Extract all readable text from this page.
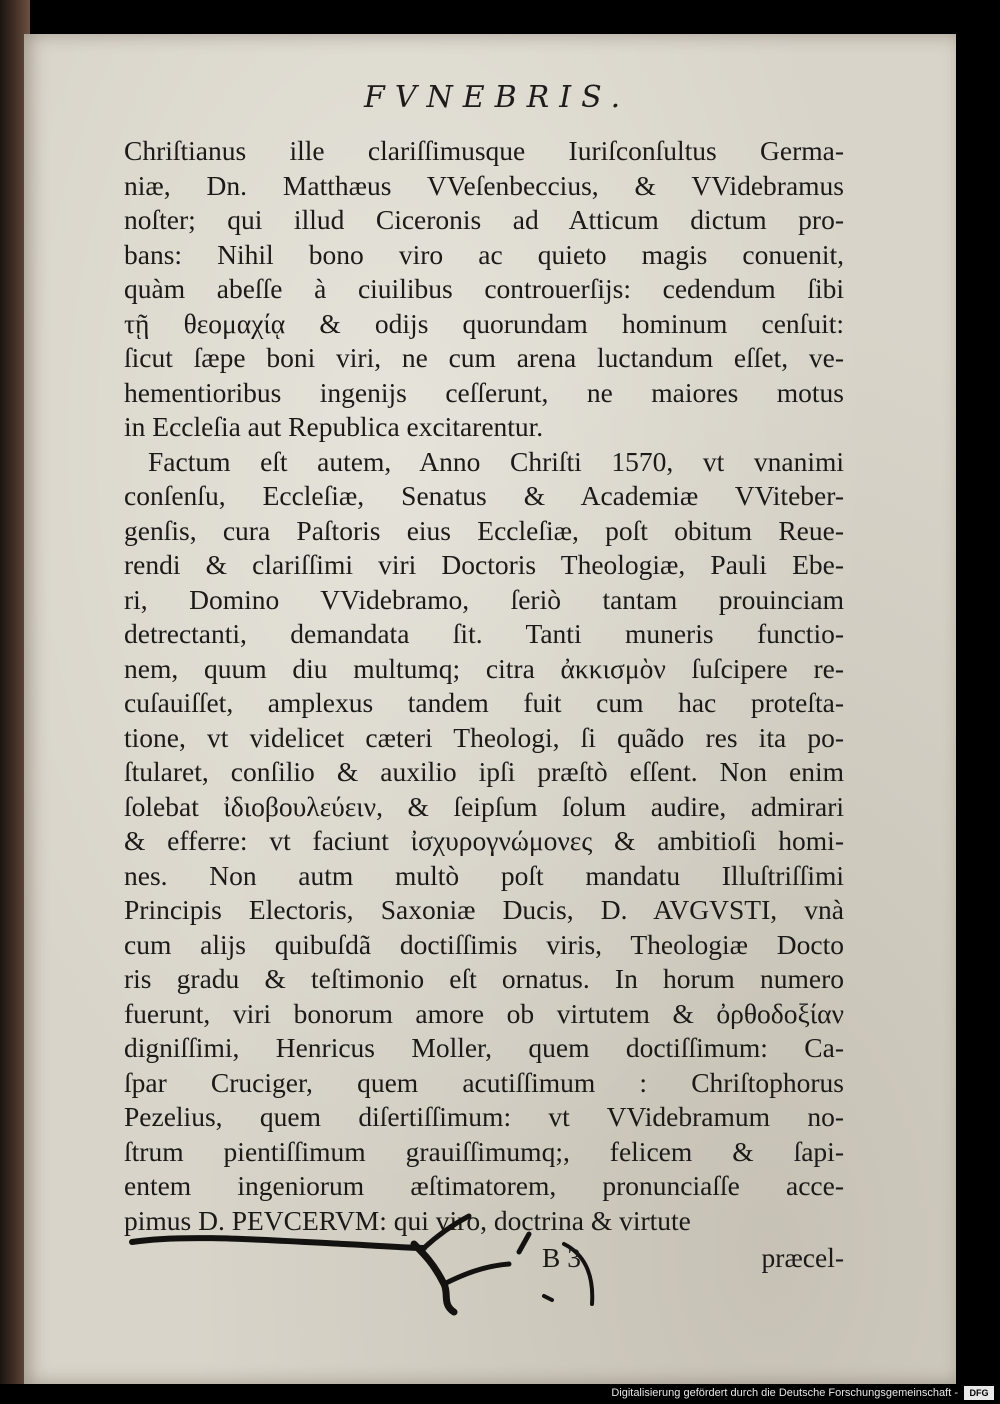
FVNEBRIS.
Chriſtianus ille clariſſimusque Iuriſconſultus Germa-
niæ, Dn. Matthæus VVeſenbeccius, & VVidebramus
noſter; qui illud Ciceronis ad Atticum dictum pro-
bans: Nihil bono viro ac quieto magis conuenit,
quàm abeſſe à ciuilibus controuerſijs: cedendum ſibi
τῇ θεομαχίᾳ & odijs quorundam hominum cenſuit:
ſicut ſæpe boni viri, ne cum arena luctandum eſſet, ve-
hementioribus ingenijs ceſſerunt, ne maiores motus
in Eccleſia aut Republica excitarentur.
Factum eſt autem, Anno Chriſti 1570, vt vnanimi
conſenſu, Eccleſiæ, Senatus & Academiæ VViteber-
genſis, cura Paſtoris eius Eccleſiæ, poſt obitum Reue-
rendi & clariſſimi viri Doctoris Theologiæ, Pauli Ebe-
ri, Domino VVidebramo, ſeriò tantam prouinciam
detrectanti, demandata ſit. Tanti muneris functio-
nem, quum diu multumq; citra ἀκκισμὸν ſuſcipere re-
cuſauiſſet, amplexus tandem fuit cum hac proteſta-
tione, vt videlicet cæteri Theologi, ſi quãdo res ita po-
ſtularet, conſilio & auxilio ipſi prӕſtò eſſent. Non enim
ſolebat ἰδιοβουλεύειν, & ſeipſum ſolum audire, admirari
& efferre: vt faciunt ἰσχυρογνώμονες & ambitioſi homi-
nes. Non autm multò poſt mandatu Illuſtriſſimi
Principis Electoris, Saxoniæ Ducis, D. AVGVSTI, vnà
cum alijs quibuſdã doctiſſimis viris, Theologiæ Docto
ris gradu & teſtimonio eſt ornatus. In horum numero
fuerunt, viri bonorum amore ob virtutem & ὀρθοδοξίαν
digniſſimi, Henricus Moller, quem doctiſſimum: Ca-
ſpar Cruciger, quem acutiſſimum : Chriſtophorus
Pezelius, quem diſertiſſimum: vt VVidebramum no-
ſtrum pientiſſimum grauiſſimumq;, felicem & ſapi-
entem ingeniorum æſtimatorem, pronunciaſſe acce-
pimus D. PEVCERVM: qui viro, doctrina & virtute
B 3	præcel-
Digitalisierung gefördert durch die Deutsche Forschungsgemeinschaft -	DFG
